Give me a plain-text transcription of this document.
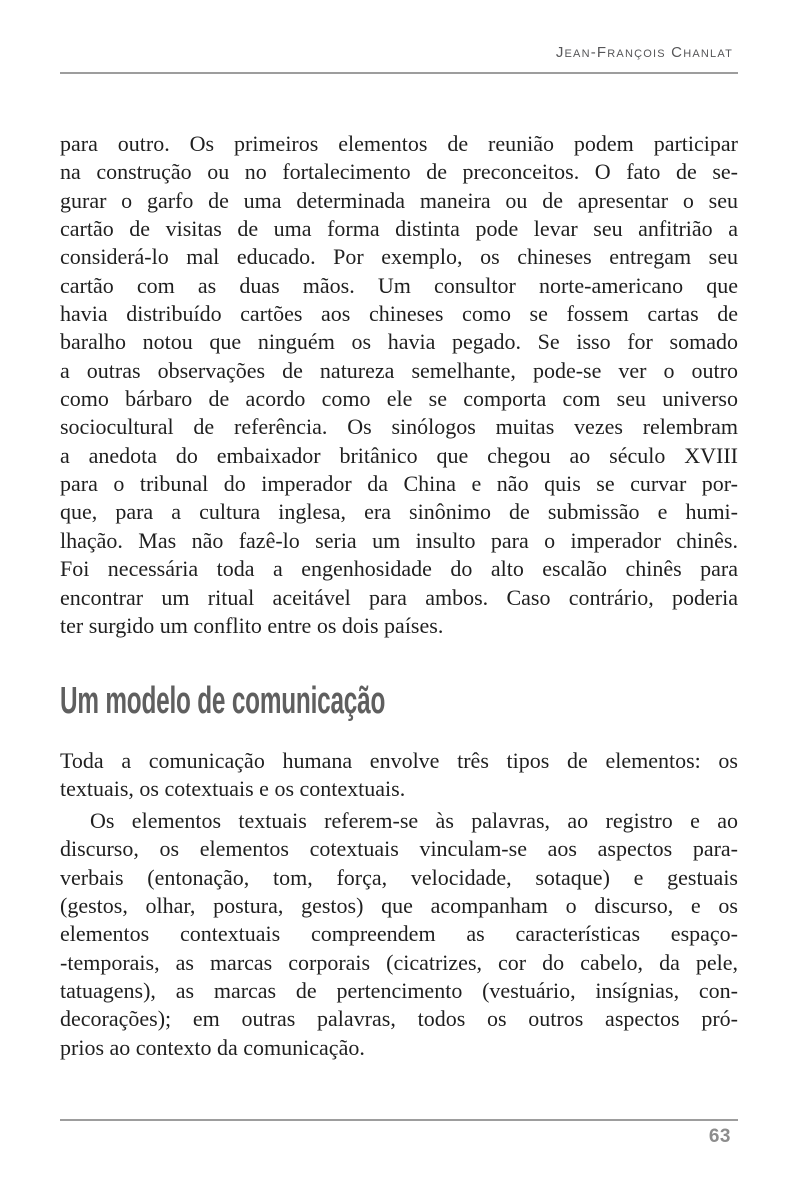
Jean-François Chanlat
para outro. Os primeiros elementos de reunião podem participar
na construção ou no fortalecimento de preconceitos. O fato de se-
gurar o garfo de uma determinada maneira ou de apresentar o seu
cartão de visitas de uma forma distinta pode levar seu anfitrião a
considerá-lo mal educado. Por exemplo, os chineses entregam seu
cartão com as duas mãos. Um consultor norte-americano que
havia distribuído cartões aos chineses como se fossem cartas de
baralho notou que ninguém os havia pegado. Se isso for somado
a outras observações de natureza semelhante, pode-se ver o outro
como bárbaro de acordo como ele se comporta com seu universo
sociocultural de referência. Os sinólogos muitas vezes relembram
a anedota do embaixador britânico que chegou ao século XVIII
para o tribunal do imperador da China e não quis se curvar por-
que, para a cultura inglesa, era sinônimo de submissão e humi-
lhação. Mas não fazê-lo seria um insulto para o imperador chinês.
Foi necessária toda a engenhosidade do alto escalão chinês para
encontrar um ritual aceitável para ambos. Caso contrário, poderia
ter surgido um conflito entre os dois países.
Um modelo de comunicação
Toda a comunicação humana envolve três tipos de elementos: os
textuais, os cotextuais e os contextuais.
Os elementos textuais referem-se às palavras, ao registro e ao
discurso, os elementos cotextuais vinculam-se aos aspectos para-
verbais (entonação, tom, força, velocidade, sotaque) e gestuais
(gestos, olhar, postura, gestos) que acompanham o discurso, e os
elementos contextuais compreendem as características espaço-
-temporais, as marcas corporais (cicatrizes, cor do cabelo, da pele,
tatuagens), as marcas de pertencimento (vestuário, insígnias, con-
decorações); em outras palavras, todos os outros aspectos pró-
prios ao contexto da comunicação.
63
